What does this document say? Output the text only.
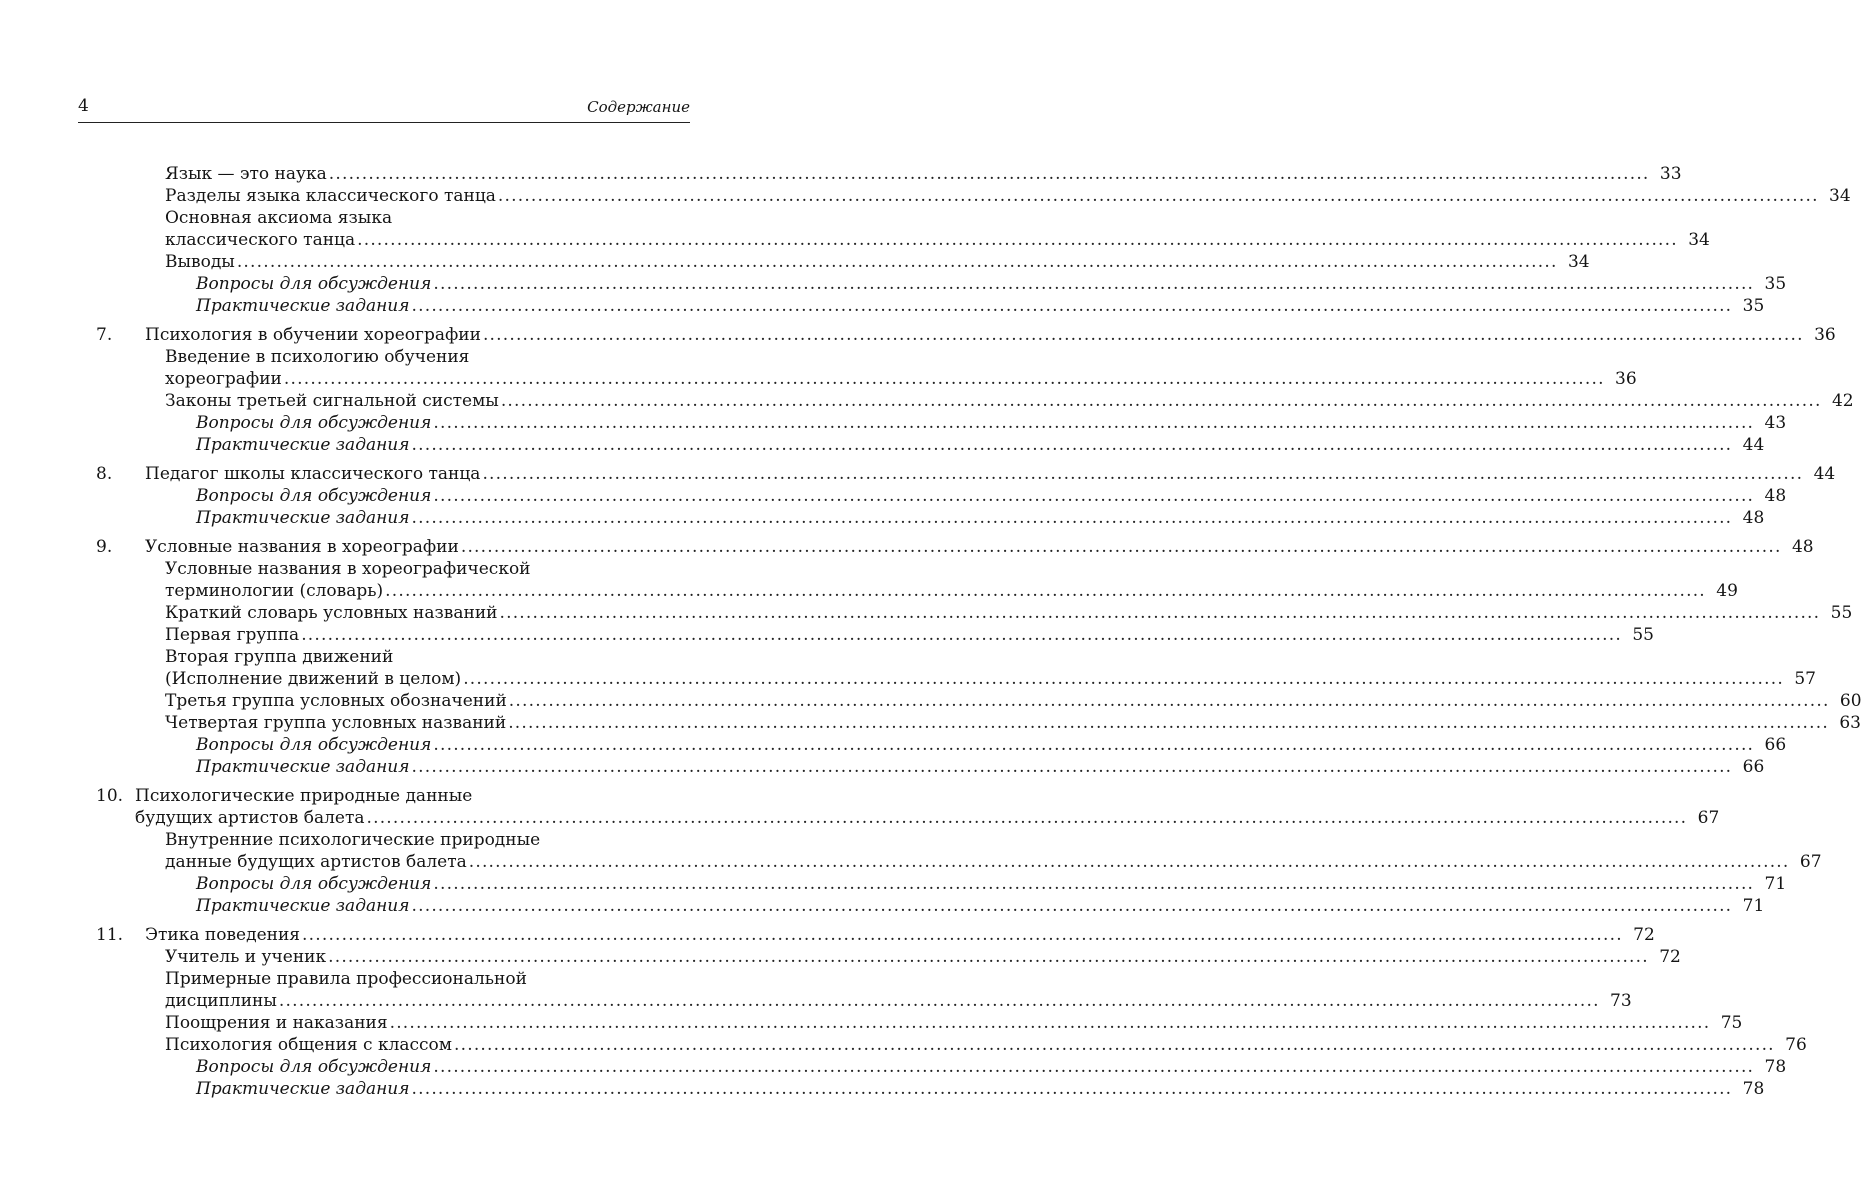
4	Содержание
Язык — это наука ........................................................................................................................................................................................................ 33
Разделы языка классического танца ........................................................................................................................................................................................................ 34
Основная аксиома языка
классического танца ........................................................................................................................................................................................................ 34
Выводы ........................................................................................................................................................................................................ 34
Вопросы для обсуждения ........................................................................................................................................................................................................ 35
Практические задания ........................................................................................................................................................................................................ 35
7. Психология в обучении хореографии ........................................................................................................................................................................................................ 36
Введение в психологию обучения
хореографии ........................................................................................................................................................................................................ 36
Законы третьей сигнальной системы ........................................................................................................................................................................................................ 42
Вопросы для обсуждения ........................................................................................................................................................................................................ 43
Практические задания ........................................................................................................................................................................................................ 44
8. Педагог школы классического танца ........................................................................................................................................................................................................ 44
Вопросы для обсуждения ........................................................................................................................................................................................................ 48
Практические задания ........................................................................................................................................................................................................ 48
9. Условные названия в хореографии ........................................................................................................................................................................................................ 48
Условные названия в хореографической
терминологии (словарь) ........................................................................................................................................................................................................ 49
Краткий словарь условных названий ........................................................................................................................................................................................................ 55
Первая группа ........................................................................................................................................................................................................ 55
Вторая группа движений
(Исполнение движений в целом) ........................................................................................................................................................................................................ 57
Третья группа условных обозначений ........................................................................................................................................................................................................ 60
Четвертая группа условных названий ........................................................................................................................................................................................................ 63
Вопросы для обсуждения ........................................................................................................................................................................................................ 66
Практические задания ........................................................................................................................................................................................................ 66
10. Психологические природные данные
будущих артистов балета ........................................................................................................................................................................................................ 67
Внутренние психологические природные
данные будущих артистов балета ........................................................................................................................................................................................................ 67
Вопросы для обсуждения ........................................................................................................................................................................................................ 71
Практические задания ........................................................................................................................................................................................................ 71
11. Этика поведения ........................................................................................................................................................................................................ 72
Учитель и ученик ........................................................................................................................................................................................................ 72
Примерные правила профессиональной
дисциплины ........................................................................................................................................................................................................ 73
Поощрения и наказания ........................................................................................................................................................................................................ 75
Психология общения с классом ........................................................................................................................................................................................................ 76
Вопросы для обсуждения ........................................................................................................................................................................................................ 78
Практические задания ........................................................................................................................................................................................................ 78
